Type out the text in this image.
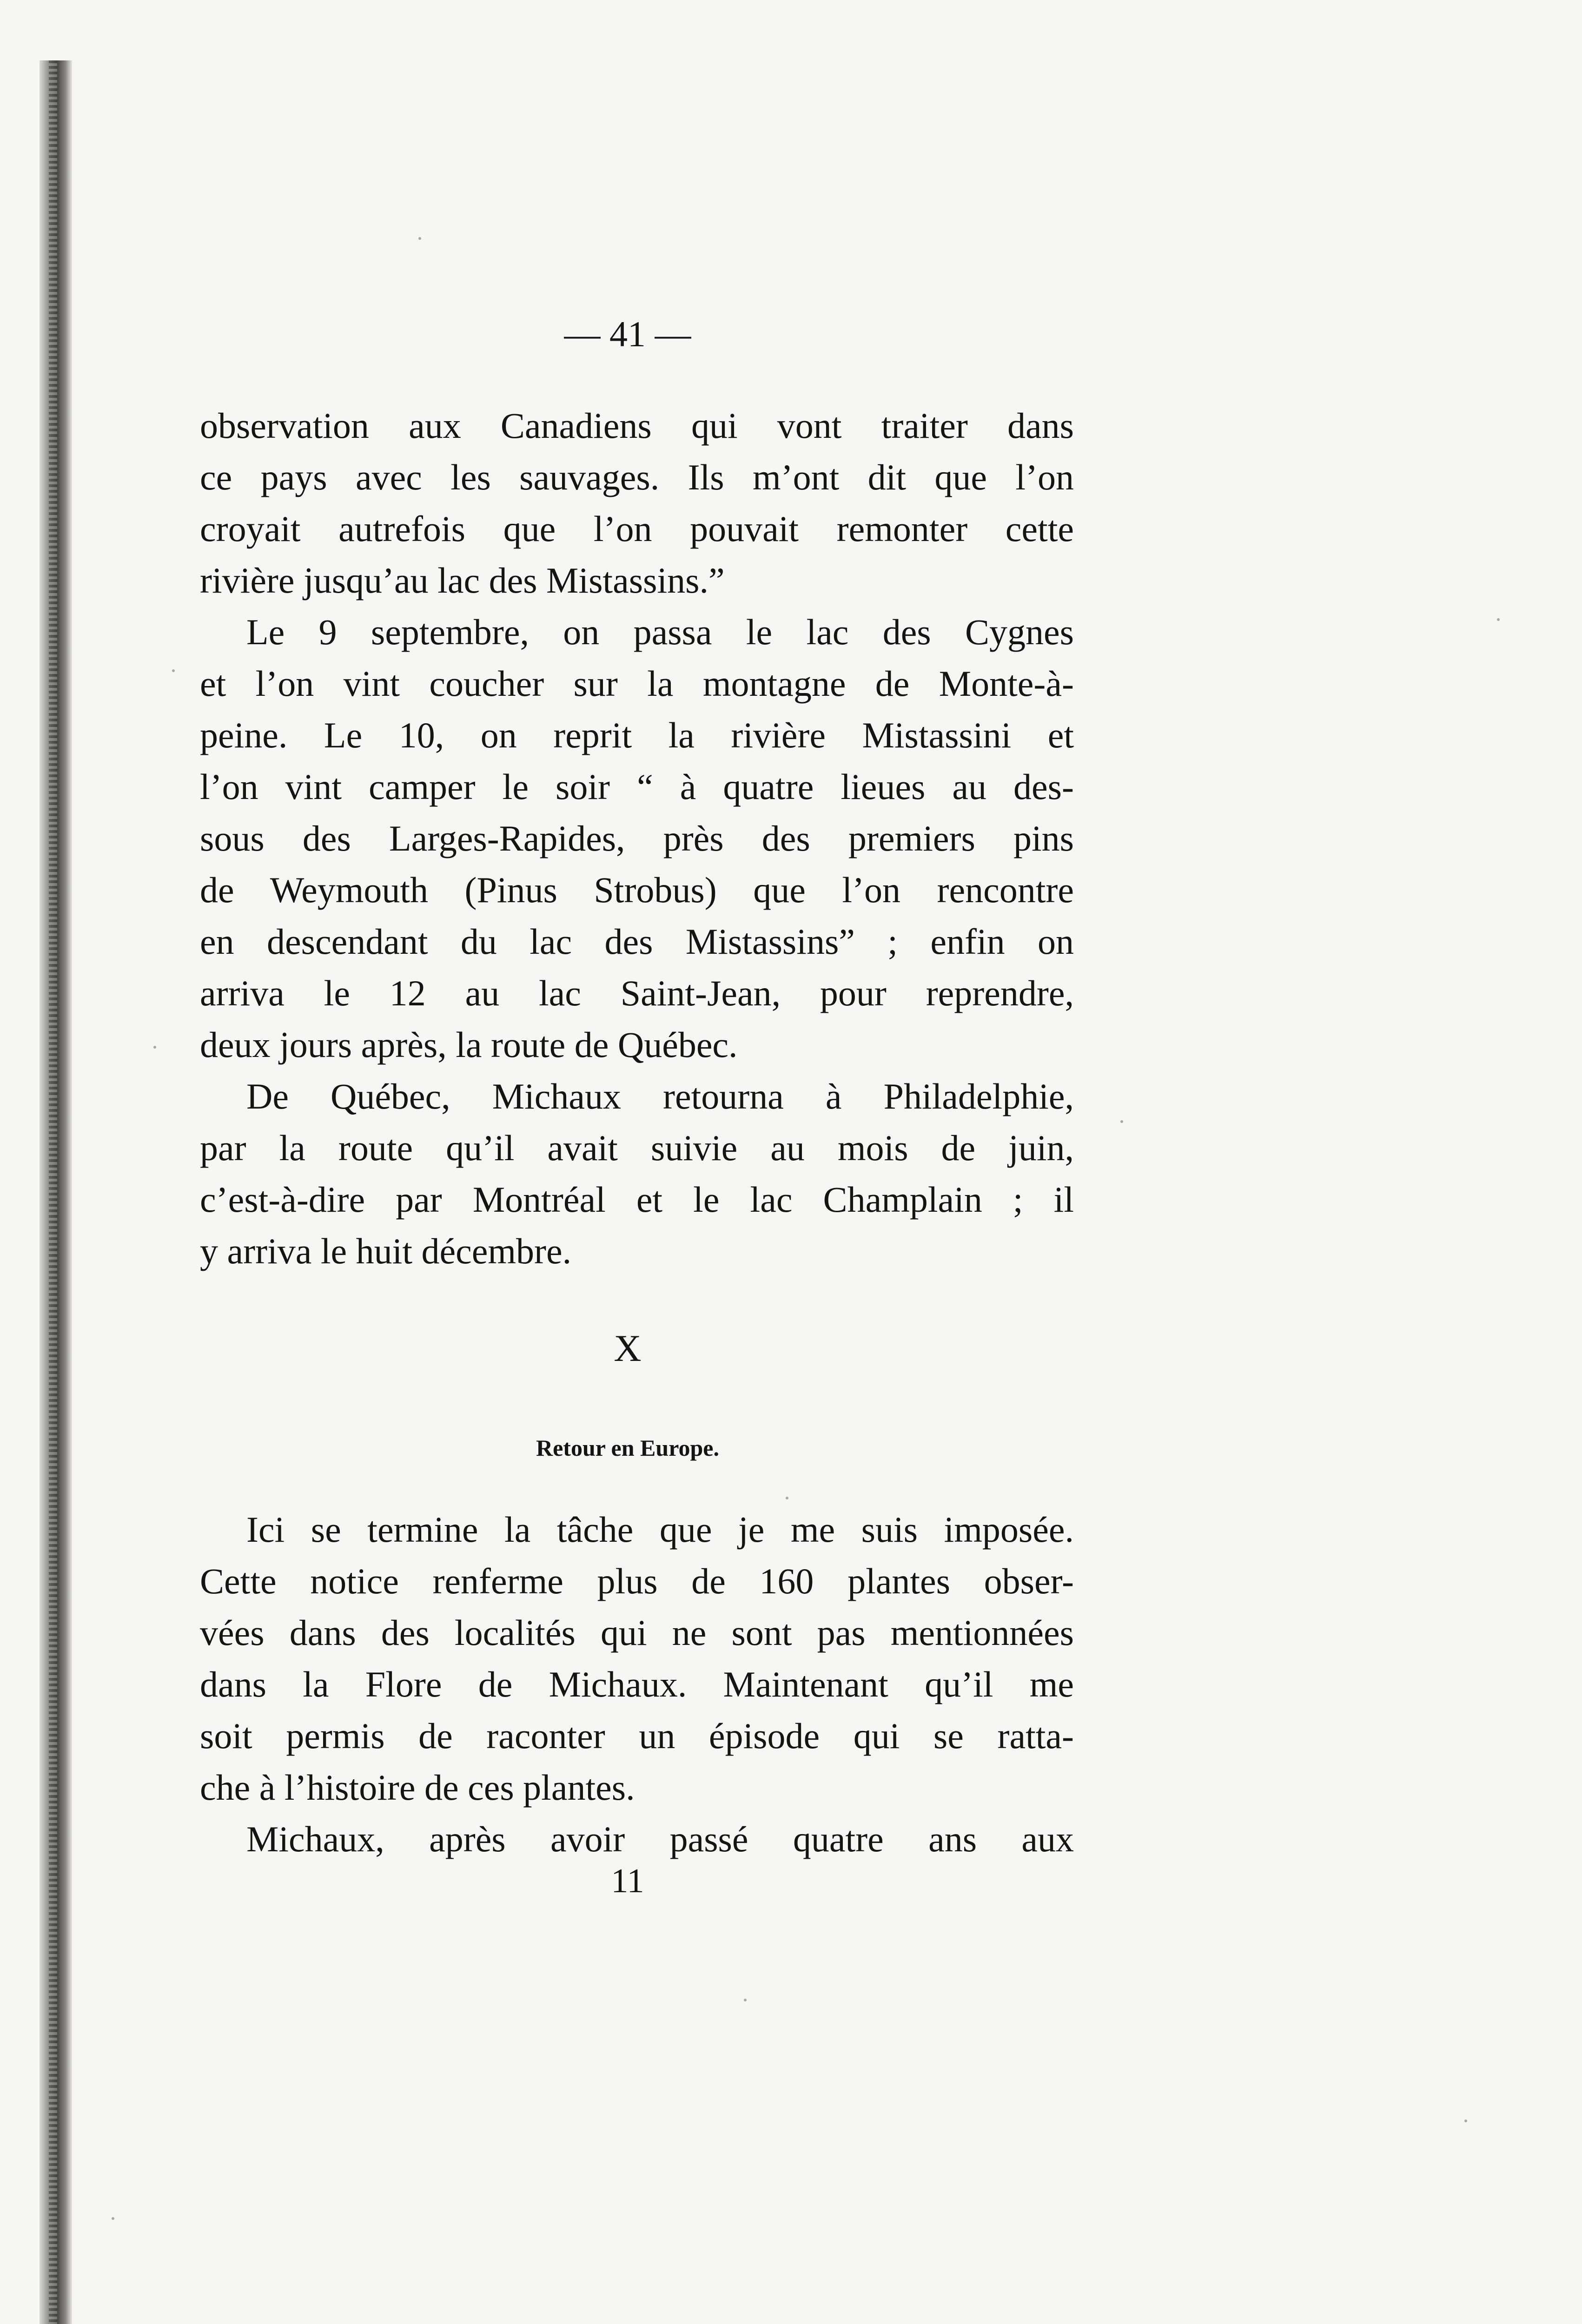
— 41 —

observation aux Canadiens qui vont traiter dans
ce pays avec les sauvages. Ils m’ont dit que l’on
croyait autrefois que l’on pouvait remonter cette

rivière jusqu’au lac des Mistassins.”

Le 9 septembre, on passa le lac des Cygnes

et l’on vint coucher sur la montagne de Monte-à-
peine. Le 10, on reprit la rivière Mistassini et
l’on vint camper le soir “ à quatre lieues au des-
sous des Larges-Rapides, près des premiers pins
de Weymouth (Pinus Strobus) que l’on rencontre
en descendant du lac des Mistassins” ; enfin on
arriva le 12 au lac Saint-Jean, pour reprendre,

deux jours après, la route de Québec.

De Québec, Michaux retourna à Philadelphie,

par la route qu’il avait suivie au mois de juin,
c’est-à-dire par Montréal et le lac Champlain ; il

y arriva le huit décembre.

X
Retour en Europe.

Ici se termine la tâche que je me suis imposée.

Cette notice renferme plus de 160 plantes obser-
vées dans des localités qui ne sont pas mentionnées
dans la Flore de Michaux. Maintenant qu’il me
soit permis de raconter un épisode qui se ratta-

che à l’histoire de ces plantes.

Michaux, après avoir passé quatre ans aux

11
